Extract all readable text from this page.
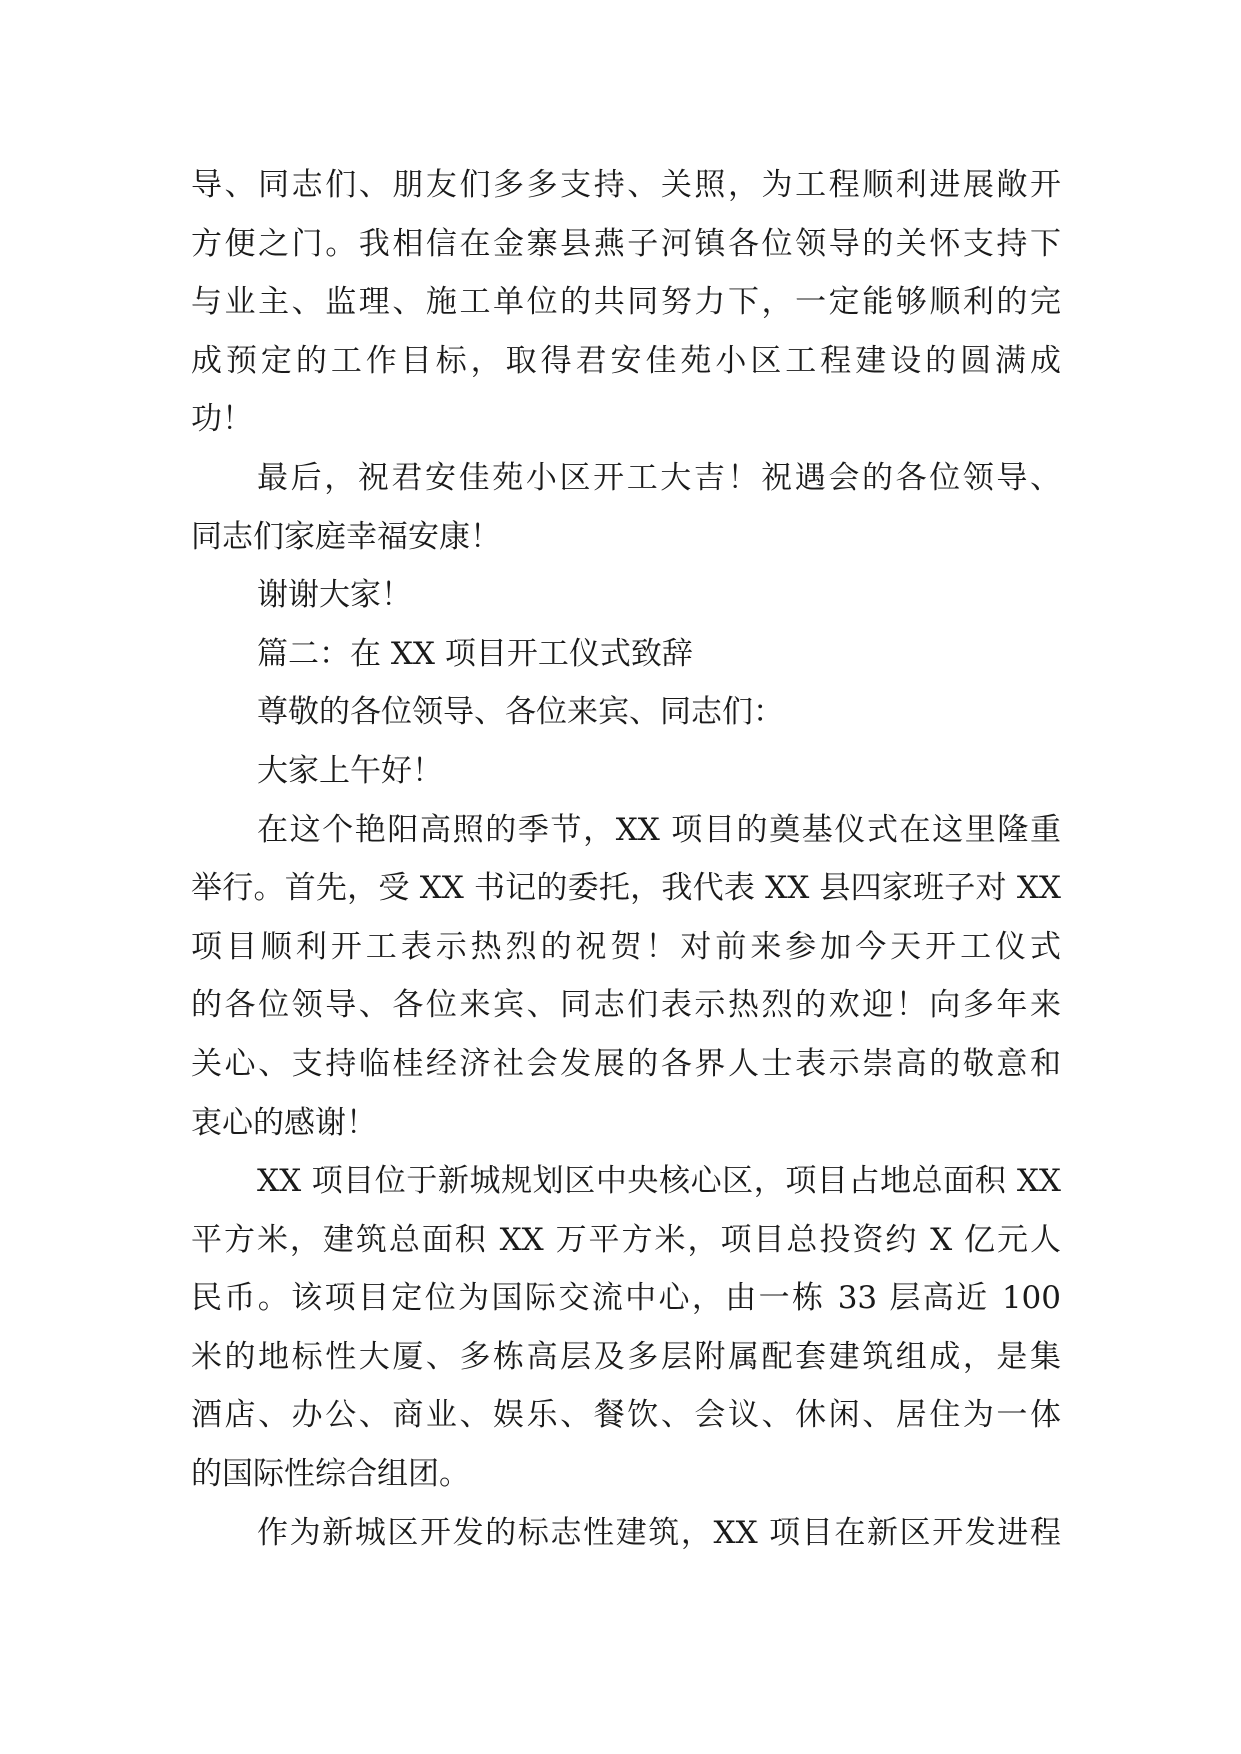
导、同志们、朋友们多多支持、关照，为工程顺利进展敞开
方便之门。我相信在金寨县燕子河镇各位领导的关怀支持下
与业主、监理、施工单位的共同努力下，一定能够顺利的完
成预定的工作目标，取得君安佳苑小区工程建设的圆满成
功！
最后，祝君安佳苑小区开工大吉！祝遇会的各位领导、
同志们家庭幸福安康！
谢谢大家！
篇二：在 XX 项目开工仪式致辞
尊敬的各位领导、各位来宾、同志们：
大家上午好！
在这个艳阳高照的季节，XX 项目的奠基仪式在这里隆重
举行。首先，受 XX 书记的委托，我代表 XX 县四家班子对 XX
项目顺利开工表示热烈的祝贺！对前来参加今天开工仪式
的各位领导、各位来宾、同志们表示热烈的欢迎！向多年来
关心、支持临桂经济社会发展的各界人士表示崇高的敬意和
衷心的感谢！
XX 项目位于新城规划区中央核心区，项目占地总面积 XX
平方米，建筑总面积 XX 万平方米，项目总投资约 X 亿元人
民币。该项目定位为国际交流中心，由一栋 33 层高近 100
米的地标性大厦、多栋高层及多层附属配套建筑组成，是集
酒店、办公、商业、娱乐、餐饮、会议、休闲、居住为一体
的国际性综合组团。
作为新城区开发的标志性建筑，XX 项目在新区开发进程
